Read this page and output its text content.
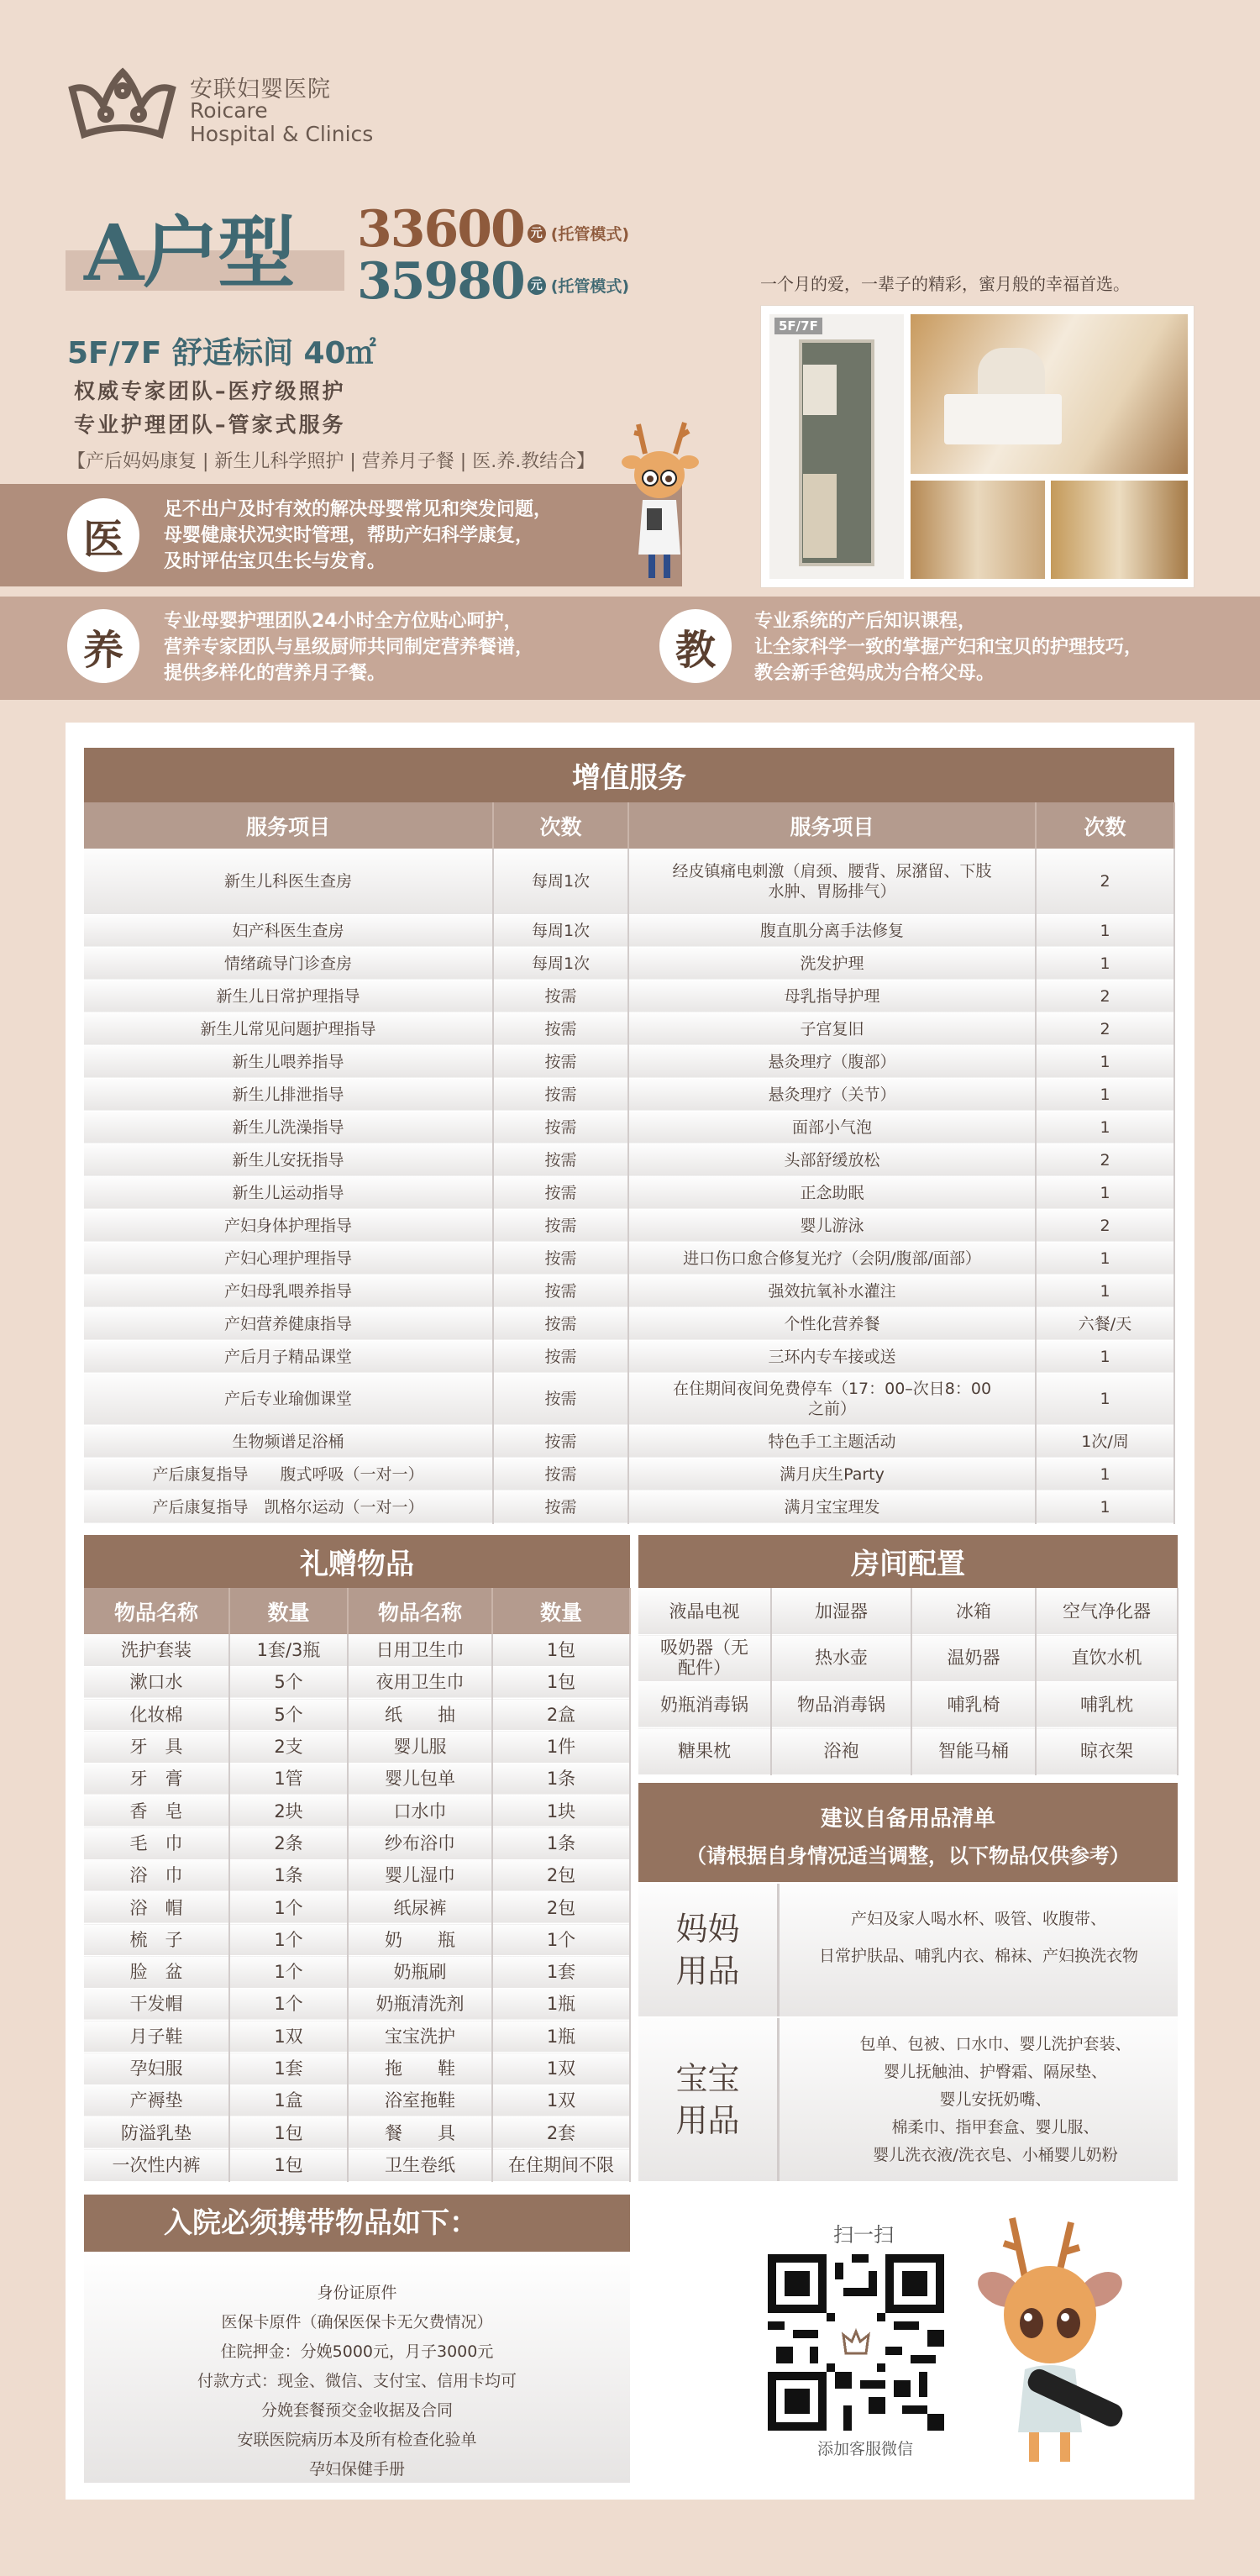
安联妇婴医院
Roicare
Hospital & Clinics
A户型 33600 元 (托管模式)
35980 元 (托管模式)
5F/7F 舒适标间 40㎡
权威专家团队–医疗级照护
专业护理团队–管家式服务
【产后妈妈康复 | 新生儿科学照护 | 营养月子餐 | 医.养.教结合】
一个月的爱，一辈子的精彩，蜜月般的幸福首选。
5F/7F
医
足不出户及时有效的解决母婴常见和突发问题，
母婴健康状况实时管理，帮助产妇科学康复，
及时评估宝贝生长与发育。
养
专业母婴护理团队24小时全方位贴心呵护，
营养专家团队与星级厨师共同制定营养餐谱，
提供多样化的营养月子餐。	教
专业系统的产后知识课程，
让全家科学一致的掌握产妇和宝贝的护理技巧，
教会新手爸妈成为合格父母。
增值服务			
服务项目	次数	服务项目	次数
新生儿科医生查房	每周1次	经皮镇痛电刺激（肩颈、腰背、尿潴留、下肢水肿、胃肠排气）	2
妇产科医生查房	每周1次	腹直肌分离手法修复	1
情绪疏导门诊查房	每周1次	洗发护理	1
新生儿日常护理指导	按需	母乳指导护理	2
新生儿常见问题护理指导	按需	子宫复旧	2
新生儿喂养指导	按需	悬灸理疗（腹部）	1
新生儿排泄指导	按需	悬灸理疗（关节）	1
新生儿洗澡指导	按需	面部小气泡	1
新生儿安抚指导	按需	头部舒缓放松	2
新生儿运动指导	按需	正念助眠	1
产妇身体护理指导	按需	婴儿游泳	2
产妇心理护理指导	按需	进口伤口愈合修复光疗（会阴/腹部/面部）	1
产妇母乳喂养指导	按需	强效抗氧补水灌注	1
产妇营养健康指导	按需	个性化营养餐	六餐/天
产后月子精品课堂	按需	三环内专车接或送	1
产后专业瑜伽课堂	按需	在住期间夜间免费停车（17：00–次日8：00之前）	1
生物频谱足浴桶	按需	特色手工主题活动	1次/周
产后康复指导　　腹式呼吸（一对一）	按需	满月庆生Party	1
产后康复指导　凯格尔运动（一对一）	按需	满月宝宝理发	1
礼赠物品			
物品名称	数量	物品名称	数量
洗护套装	1套/3瓶	日用卫生巾	1包
漱口水	5个	夜用卫生巾	1包
化妆棉	5个	纸　　抽	2盒
牙　具	2支	婴儿服	1件
牙　膏	1管	婴儿包单	1条
香　皂	2块	口水巾	1块
毛　巾	2条	纱布浴巾	1条
浴　巾	1条	婴儿湿巾	2包
浴　帽	1个	纸尿裤	2包
梳　子	1个	奶　　瓶	1个
脸　盆	1个	奶瓶刷	1套
干发帽	1个	奶瓶清洗剂	1瓶
月子鞋	1双	宝宝洗护	1瓶
孕妇服	1套	拖　　鞋	1双
产褥垫	1盒	浴室拖鞋	1双
防溢乳垫	1包	餐　　具	2套
一次性内裤	1包	卫生卷纸	在住期间不限
房间配置			
液晶电视	加湿器	冰箱	空气净化器
吸奶器（无配件）	热水壶	温奶器	直饮水机
奶瓶消毒锅	物品消毒锅	哺乳椅	哺乳枕
糖果枕	浴袍	智能马桶	晾衣架
建议自备用品清单
（请根据自身情况适当调整，以下物品仅供参考）
妈妈用品
产妇及家人喝水杯、吸管、收腹带、
日常护肤品、哺乳内衣、棉袜、产妇换洗衣物
宝宝用品
包单、包被、口水巾、婴儿洗护套装、
婴儿抚触油、护臀霜、隔尿垫、
婴儿安抚奶嘴、
棉柔巾、指甲套盒、婴儿服、
婴儿洗衣液/洗衣皂、小桶婴儿奶粉
入院必须携带物品如下：
身份证原件
医保卡原件（确保医保卡无欠费情况）
住院押金：分娩5000元，月子3000元
付款方式：现金、微信、支付宝、信用卡均可
分娩套餐预交金收据及合同
安联医院病历本及所有检查化验单
孕妇保健手册
扫一扫
添加客服微信
